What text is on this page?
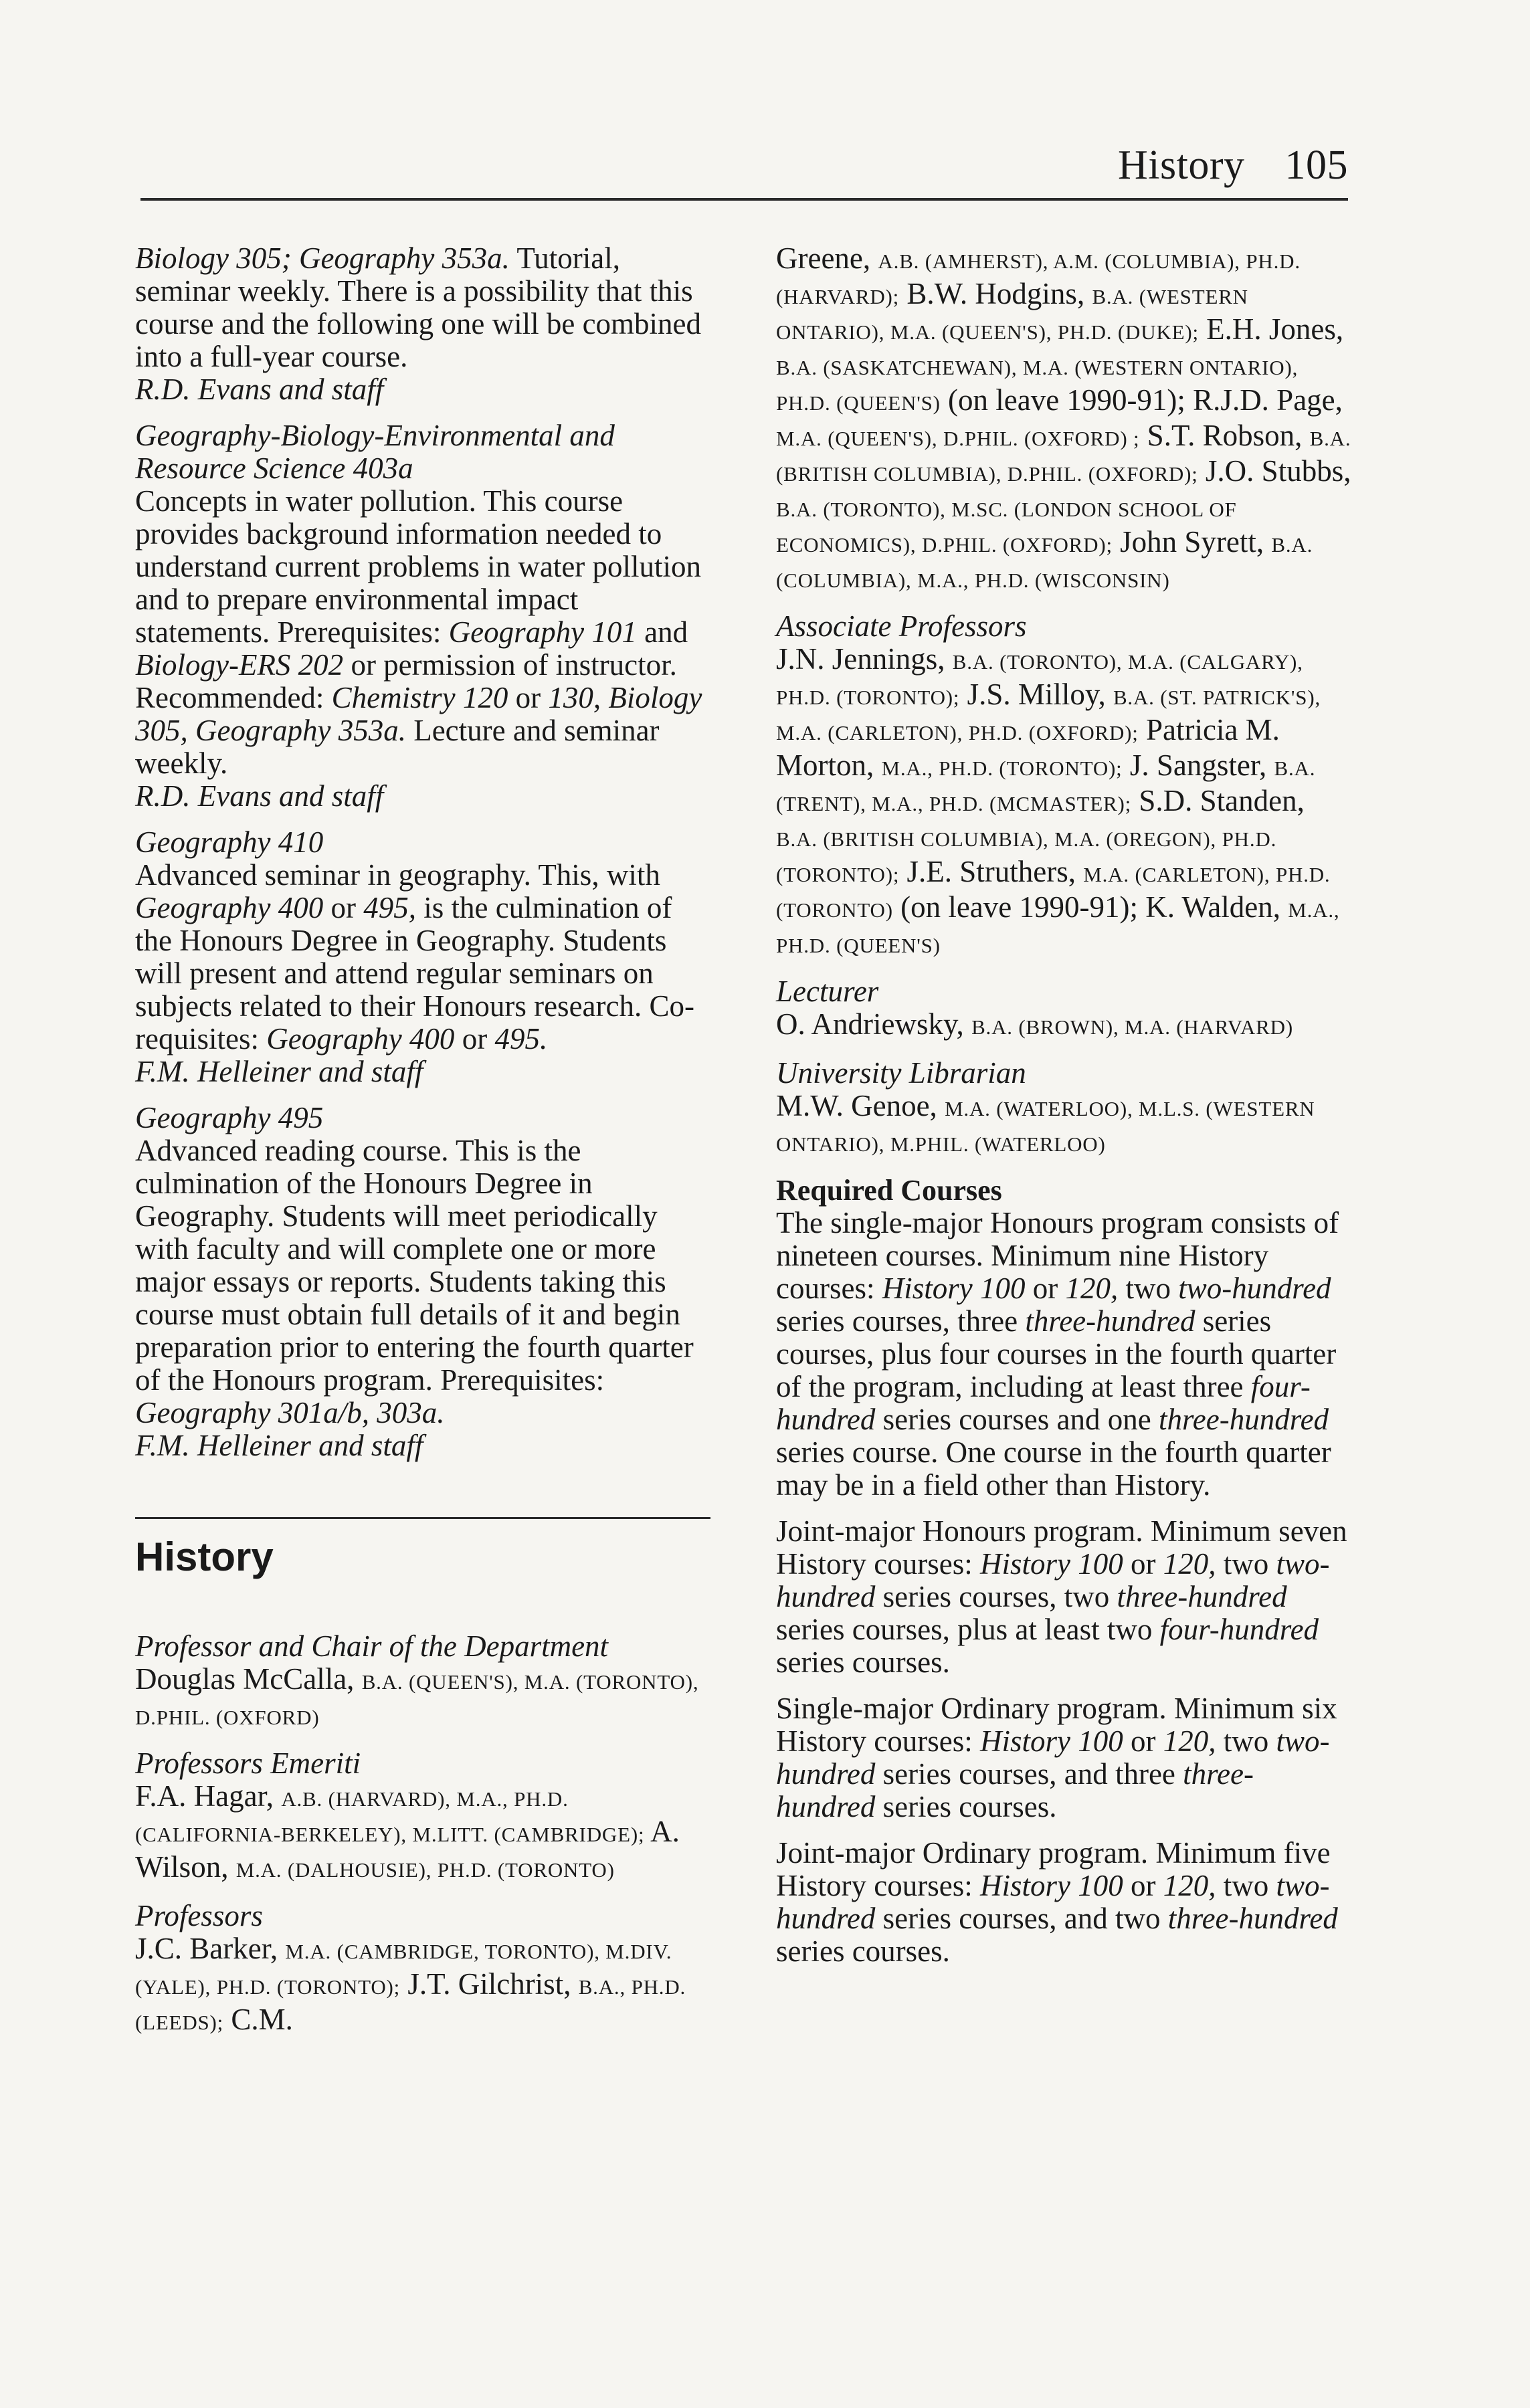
History 105
Biology 305; Geography 353a. Tutorial, seminar weekly. There is a possibility that this course and the following one will be combined into a full-year course.
R.D. Evans and staff
Geography-Biology-Environmental and Resource Science 403a
Concepts in water pollution. This course provides background information needed to understand current problems in water pollution and to prepare environmental impact statements. Prerequisites: Geography 101 and Biology-ERS 202 or permission of instructor. Recommended: Chemistry 120 or 130, Biology 305, Geography 353a. Lecture and seminar weekly.
R.D. Evans and staff
Geography 410
Advanced seminar in geography. This, with Geography 400 or 495, is the culmination of the Honours Degree in Geography. Students will present and attend regular seminars on subjects related to their Honours research. Co-requisites: Geography 400 or 495.
F.M. Helleiner and staff
Geography 495
Advanced reading course. This is the culmination of the Honours Degree in Geography. Students will meet periodically with faculty and will complete one or more major essays or reports. Students taking this course must obtain full details of it and begin preparation prior to entering the fourth quarter of the Honours program. Prerequisites: Geography 301a/b, 303a.
F.M. Helleiner and staff
History
Professor and Chair of the Department
Douglas McCalla, B.A. (QUEEN'S), M.A. (TORONTO), D.PHIL. (OXFORD)
Professors Emeriti
F.A. Hagar, A.B. (HARVARD), M.A., PH.D. (CALIFORNIA-BERKELEY), M.LITT. (CAMBRIDGE); A. Wilson, M.A. (DALHOUSIE), PH.D. (TORONTO)
Professors
J.C. Barker, M.A. (CAMBRIDGE, TORONTO), M.DIV. (YALE), PH.D. (TORONTO); J.T. Gilchrist, B.A., PH.D. (LEEDS); C.M.
Greene, A.B. (AMHERST), A.M. (COLUMBIA), PH.D. (HARVARD); B.W. Hodgins, B.A. (WESTERN ONTARIO), M.A. (QUEEN'S), PH.D. (DUKE); E.H. Jones, B.A. (SASKATCHEWAN), M.A. (WESTERN ONTARIO), PH.D. (QUEEN'S) (on leave 1990-91); R.J.D. Page, M.A. (QUEEN'S), D.PHIL. (OXFORD) ; S.T. Robson, B.A. (BRITISH COLUMBIA), D.PHIL. (OXFORD); J.O. Stubbs, B.A. (TORONTO), M.SC. (LONDON SCHOOL OF ECONOMICS), D.PHIL. (OXFORD); John Syrett, B.A. (COLUMBIA), M.A., PH.D. (WISCONSIN)
Associate Professors
J.N. Jennings, B.A. (TORONTO), M.A. (CALGARY), PH.D. (TORONTO); J.S. Milloy, B.A. (ST. PATRICK'S), M.A. (CARLETON), PH.D. (OXFORD); Patricia M. Morton, M.A., PH.D. (TORONTO); J. Sangster, B.A. (TRENT), M.A., PH.D. (MCMASTER); S.D. Standen, B.A. (BRITISH COLUMBIA), M.A. (OREGON), PH.D. (TORONTO); J.E. Struthers, M.A. (CARLETON), PH.D. (TORONTO) (on leave 1990-91); K. Walden, M.A., PH.D. (QUEEN'S)
Lecturer
O. Andriewsky, B.A. (BROWN), M.A. (HARVARD)
University Librarian
M.W. Genoe, M.A. (WATERLOO), M.L.S. (WESTERN ONTARIO), M.PHIL. (WATERLOO)
Required Courses
The single-major Honours program consists of nineteen courses. Minimum nine History courses: History 100 or 120, two two-hundred series courses, three three-hundred series courses, plus four courses in the fourth quarter of the program, including at least three four-hundred series courses and one three-hundred series course. One course in the fourth quarter may be in a field other than History.
Joint-major Honours program. Minimum seven History courses: History 100 or 120, two two-hundred series courses, two three-hundred series courses, plus at least two four-hundred series courses.
Single-major Ordinary program. Minimum six History courses: History 100 or 120, two two-hundred series courses, and three three-hundred series courses.
Joint-major Ordinary program. Minimum five History courses: History 100 or 120, two two-hundred series courses, and two three-hundred series courses.
